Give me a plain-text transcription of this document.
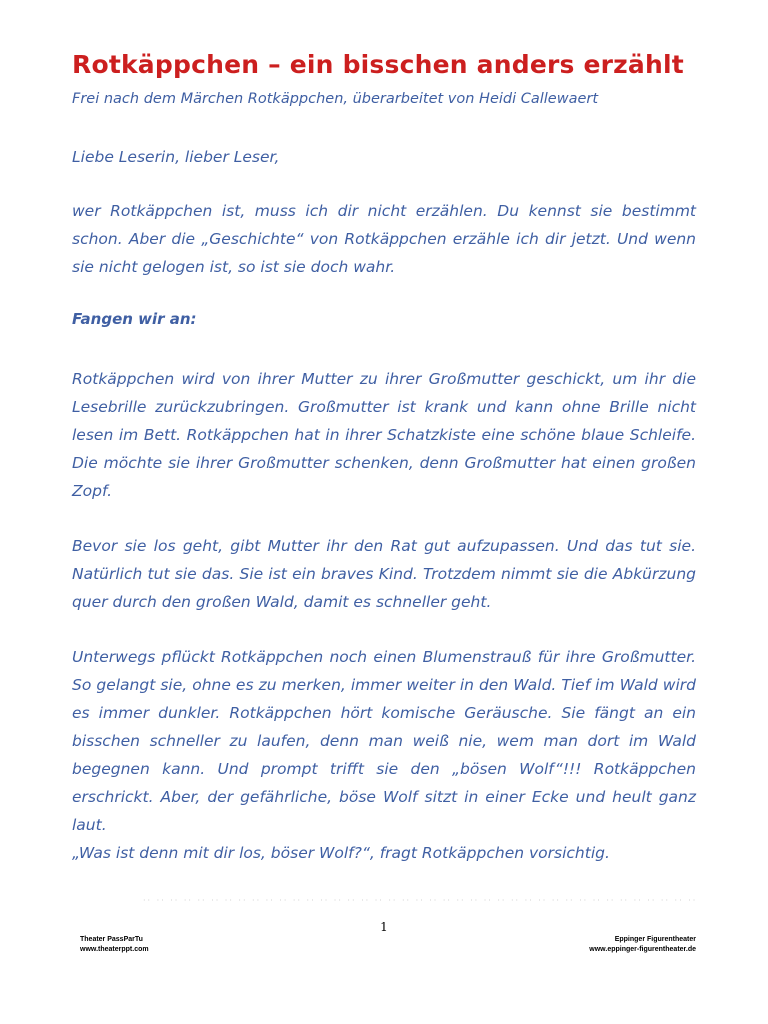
Rotkäppchen – ein bisschen anders erzählt
Frei nach dem Märchen Rotkäppchen, überarbeitet von Heidi Callewaert
Liebe Leserin, lieber Leser,
wer Rotkäppchen ist, muss ich dir nicht erzählen. Du kennst sie bestimmt schon. Aber die „Geschichte“ von Rotkäppchen erzähle ich dir jetzt. Und wenn sie nicht gelogen ist, so ist sie doch wahr.
Fangen wir an:
Rotkäppchen wird von ihrer Mutter zu ihrer Großmutter geschickt, um ihr die Lesebrille zurückzubringen. Großmutter ist krank und kann ohne Brille nicht lesen im Bett. Rotkäppchen hat in ihrer Schatzkiste eine schöne blaue Schleife. Die möchte sie ihrer Großmutter schenken, denn Großmutter hat einen großen Zopf.
Bevor sie los geht, gibt Mutter ihr den Rat gut aufzupassen. Und das tut sie. Natürlich tut sie das. Sie ist ein braves Kind. Trotzdem nimmt sie die Abkürzung quer durch den großen Wald, damit es schneller geht.
Unterwegs pflückt Rotkäppchen noch einen Blumenstrauß für ihre Großmutter. So gelangt sie, ohne es zu merken, immer weiter in den Wald. Tief im Wald wird es immer dunkler. Rotkäppchen hört komische Geräusche. Sie fängt an ein bisschen schneller zu laufen, denn man weiß nie, wem man dort im Wald begegnen kann. Und prompt trifft sie den „bösen Wolf“!!! Rotkäppchen erschrickt. Aber, der gefährliche, böse Wolf sitzt in einer Ecke und heult ganz laut.
„Was ist denn mit dir los, böser Wolf?“, fragt Rotkäppchen vorsichtig.
·· ·· ·· ·· ·· ·· ·· ·· ·· ·· ·· ·· ·· ·· ·· ·· ·· ·· ·· ·· ·· ·· ·· ·· ·· ·· ·· ·· ·· ·· ·· ·· ·· ·· ·· ·· ·· ·· ·· ·· ··
1
Theater PassParTu
www.theaterppt.com
Eppinger Figurentheater
www.eppinger-figurentheater.de
